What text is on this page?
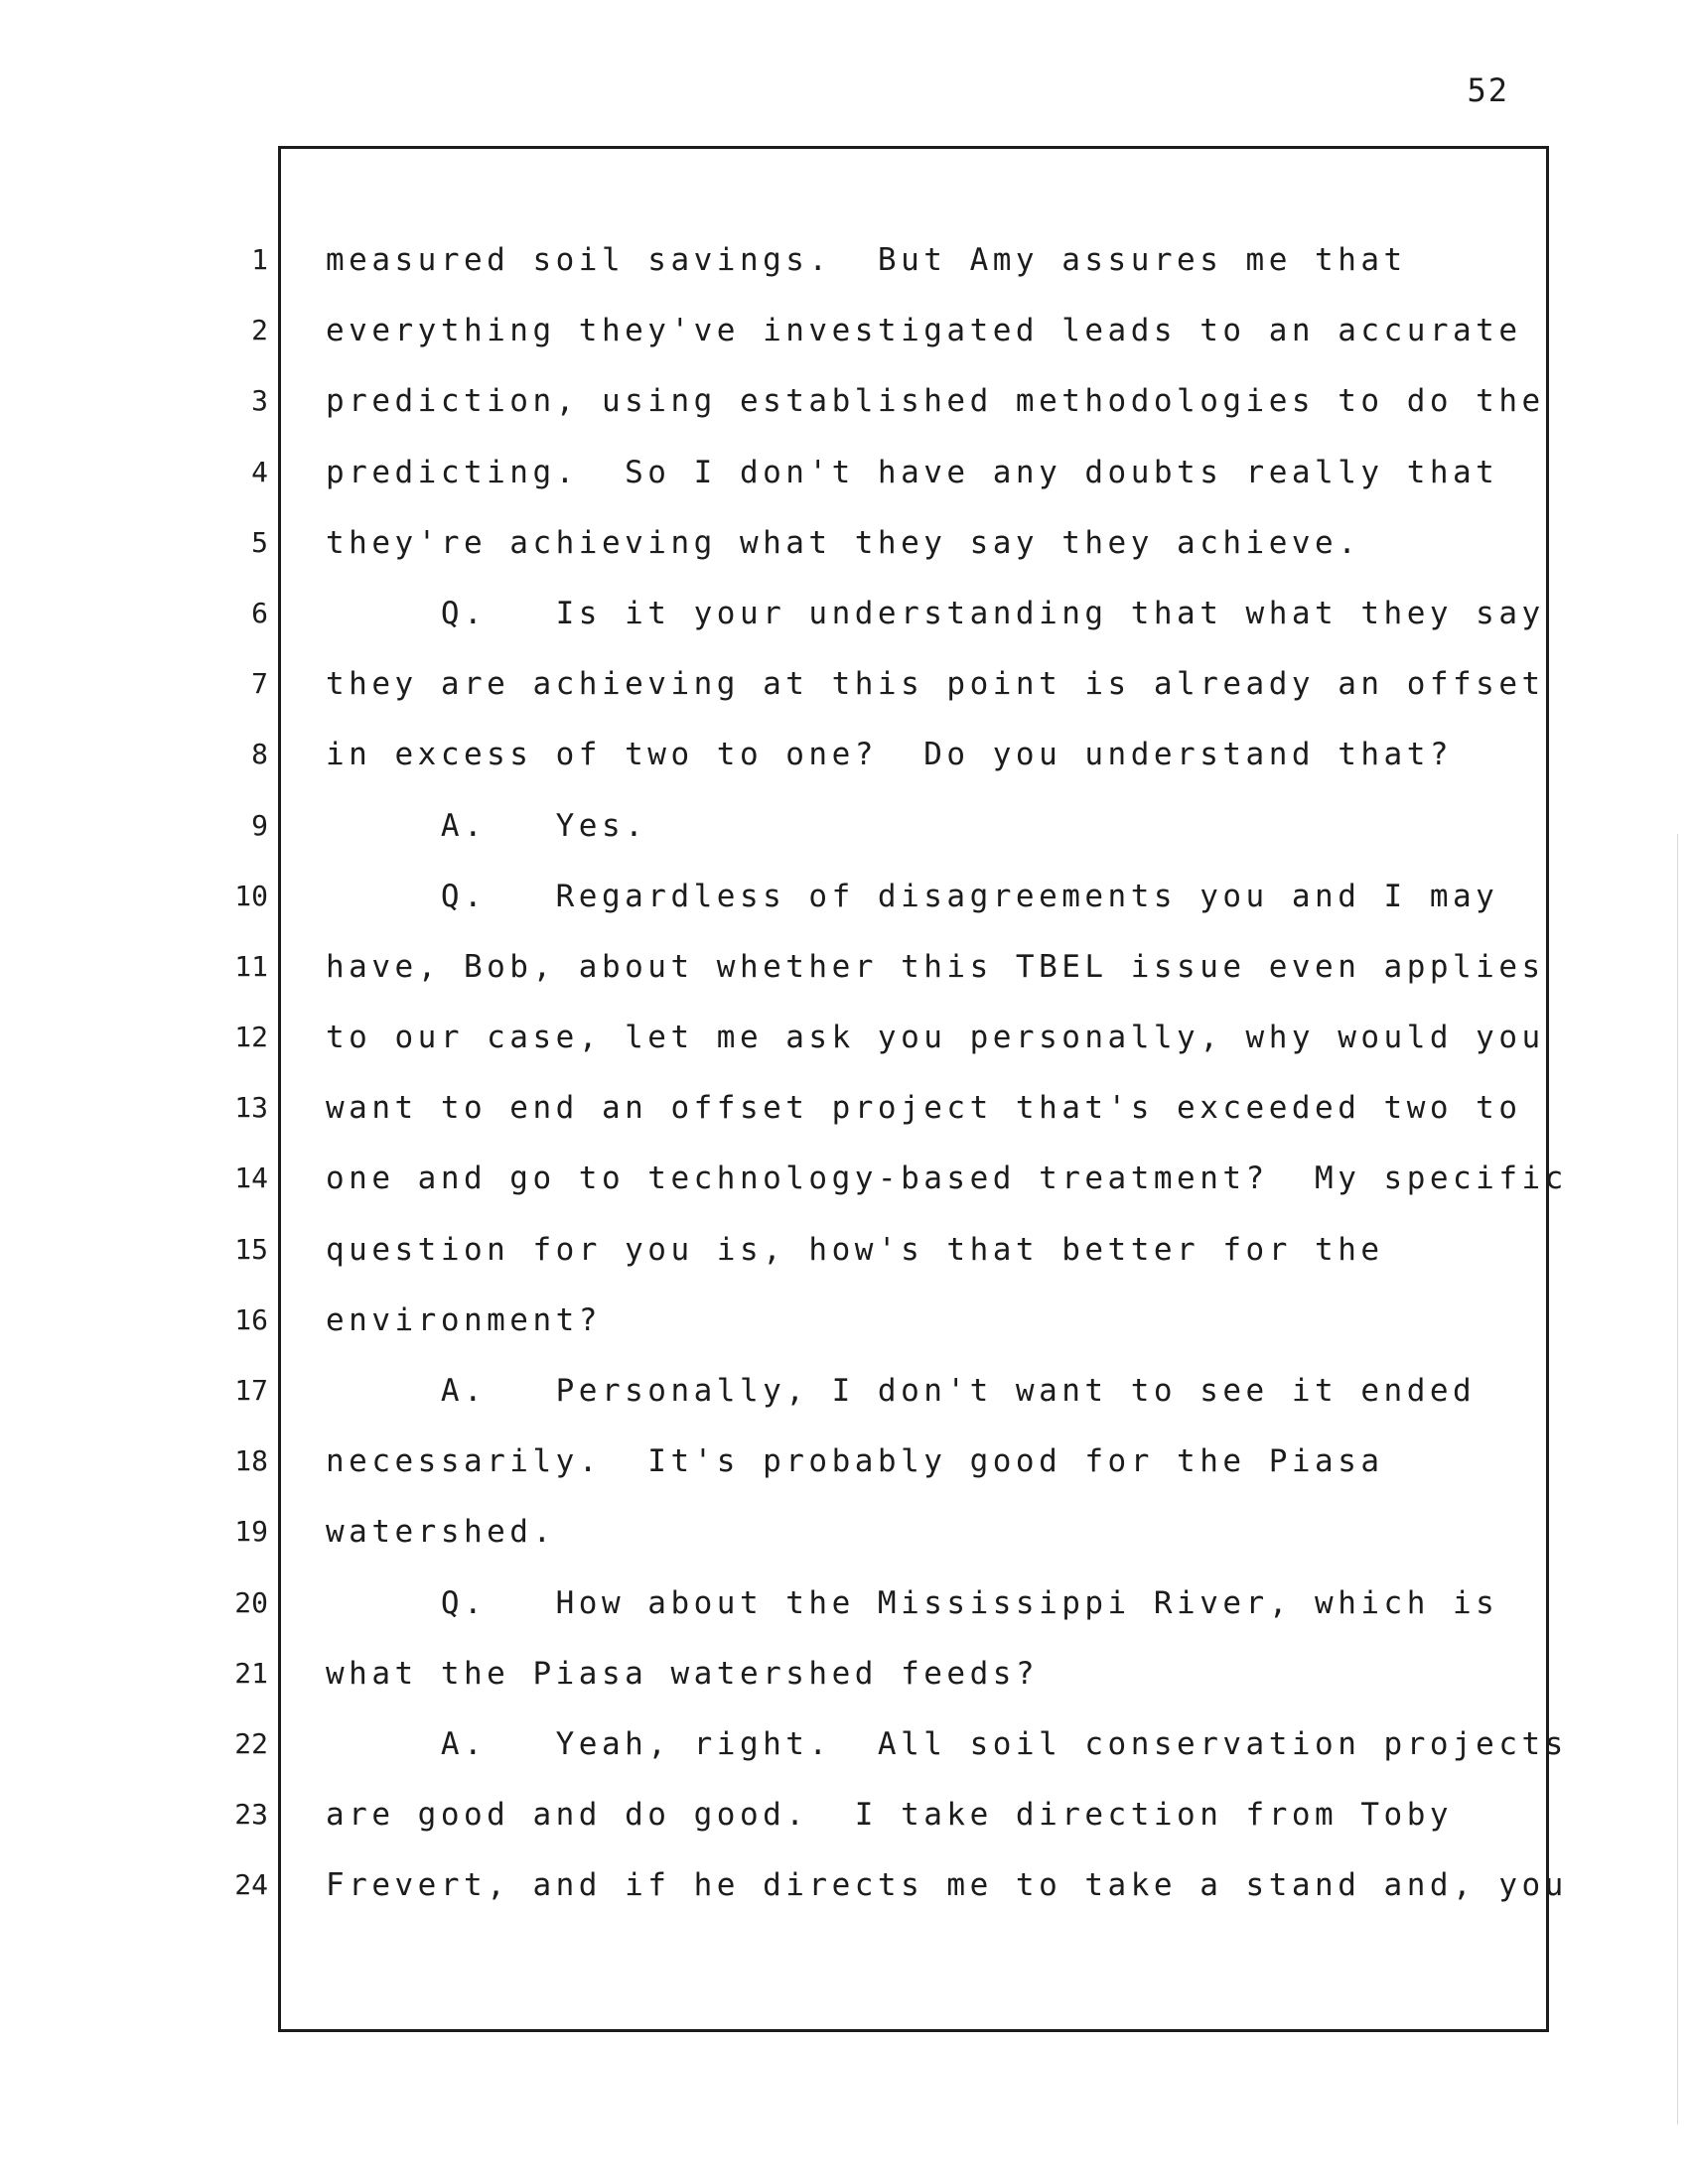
52
1
2
3
4
5
6
7
8
9
10
11
12
13
14
15
16
17
18
19
20
21
22
23
24
measured soil savings.  But Amy assures me that
everything they've investigated leads to an accurate
prediction, using established methodologies to do the
predicting.  So I don't have any doubts really that
they're achieving what they say they achieve.
Q.   Is it your understanding that what they say
they are achieving at this point is already an offset
in excess of two to one?  Do you understand that?
A.   Yes.
Q.   Regardless of disagreements you and I may
have, Bob, about whether this TBEL issue even applies
to our case, let me ask you personally, why would you
want to end an offset project that's exceeded two to
one and go to technology-based treatment?  My specific
question for you is, how's that better for the
environment?
A.   Personally, I don't want to see it ended
necessarily.  It's probably good for the Piasa
watershed.
Q.   How about the Mississippi River, which is
what the Piasa watershed feeds?
A.   Yeah, right.  All soil conservation projects
are good and do good.  I take direction from Toby
Frevert, and if he directs me to take a stand and, you
